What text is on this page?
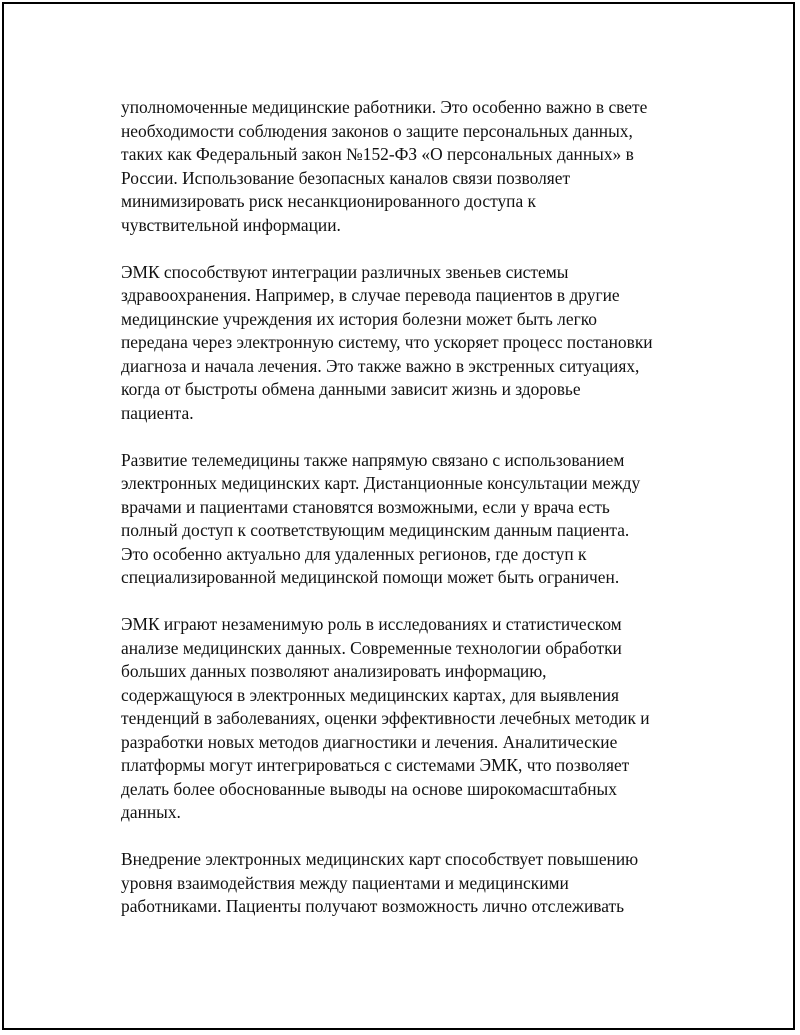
уполномоченные медицинские работники. Это особенно важно в свете
необходимости соблюдения законов о защите персональных данных,
таких как Федеральный закон №152-ФЗ «О персональных данных» в
России. Использование безопасных каналов связи позволяет
минимизировать риск несанкционированного доступа к
чувствительной информации.

ЭМК способствуют интеграции различных звеньев системы
здравоохранения. Например, в случае перевода пациентов в другие
медицинские учреждения их история болезни может быть легко
передана через электронную систему, что ускоряет процесс постановки
диагноза и начала лечения. Это также важно в экстренных ситуациях,
когда от быстроты обмена данными зависит жизнь и здоровье
пациента.

Развитие телемедицины также напрямую связано с использованием
электронных медицинских карт. Дистанционные консультации между
врачами и пациентами становятся возможными, если у врача есть
полный доступ к соответствующим медицинским данным пациента.
Это особенно актуально для удаленных регионов, где доступ к
специализированной медицинской помощи может быть ограничен.

ЭМК играют незаменимую роль в исследованиях и статистическом
анализе медицинских данных. Современные технологии обработки
больших данных позволяют анализировать информацию,
содержащуюся в электронных медицинских картах, для выявления
тенденций в заболеваниях, оценки эффективности лечебных методик и
разработки новых методов диагностики и лечения. Аналитические
платформы могут интегрироваться с системами ЭМК, что позволяет
делать более обоснованные выводы на основе широкомасштабных
данных.

Внедрение электронных медицинских карт способствует повышению
уровня взаимодействия между пациентами и медицинскими
работниками. Пациенты получают возможность лично отслеживать
